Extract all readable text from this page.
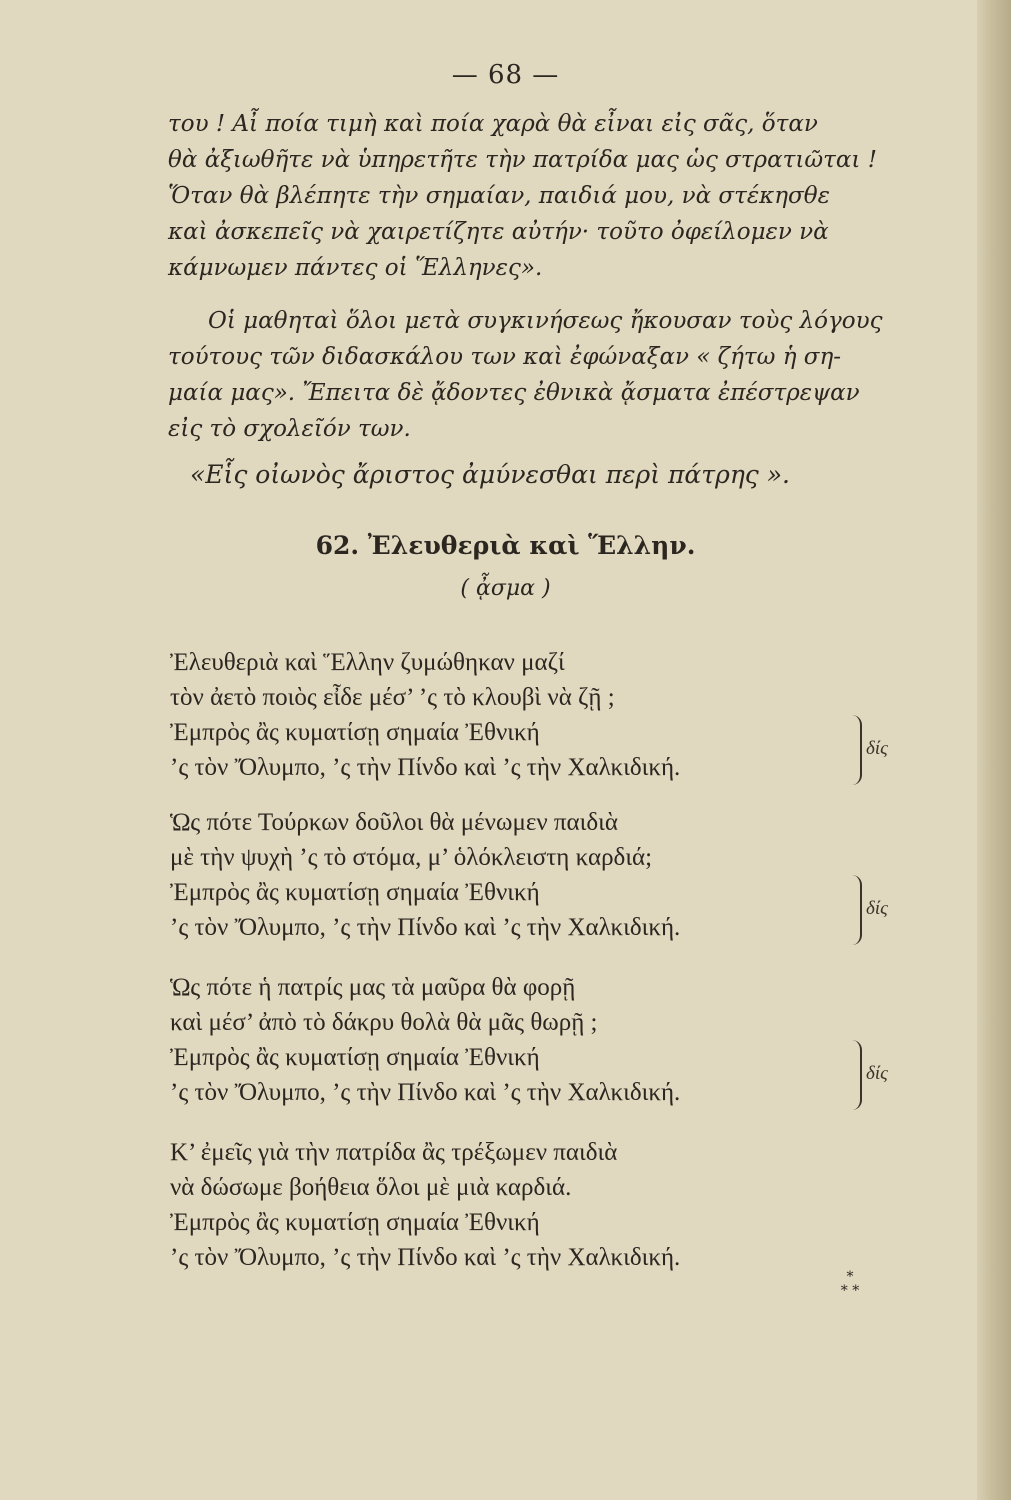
— 68 —
του ! Αἶ ποία τιμὴ καὶ ποία χαρὰ θὰ εἶναι εἰς σᾶς, ὅταν
θὰ ἀξιωθῆτε νὰ ὑπηρετῆτε τὴν πατρίδα μας ὡς στρατιῶται !
Ὅταν θὰ βλέπητε τὴν σημαίαν, παιδιά μου, νὰ στέκησθε
καὶ ἀσκεπεῖς νὰ χαιρετίζητε αὐτήν· τοῦτο ὀφείλομεν νὰ
κάμνωμεν πάντες οἱ Ἕλληνες».
Οἱ μαθηταὶ ὅλοι μετὰ συγκινήσεως ἤκουσαν τοὺς λόγους
τούτους τῶν διδασκάλου των καὶ ἐφώναξαν « ζήτω ἡ ση-
μαία μας». Ἔπειτα δὲ ᾄδοντες ἐθνικὰ ᾄσματα ἐπέστρεψαν
εἰς τὸ σχολεῖόν των.
«Εἷς οἰωνὸς ἄριστος ἀμύνεσθαι περὶ πάτρης ».
62. Ἐλευθεριὰ καὶ Ἕλλην.
( ᾆσμα )
Ἐλευθεριὰ καὶ Ἕλλην ζυμώθηκαν μαζί
τὸν ἀετὸ ποιὸς εἶδε μέσ’ ’ς τὸ κλουβὶ νὰ ζῇ ;
Ἐμπρὸς ἂς κυματίσῃ σημαία Ἐθνική
’ς τὸν Ὄλυμπο, ’ς τὴν Πίνδο καὶ ’ς τὴν Χαλκιδική.
δίς
Ὡς πότε Τούρκων δοῦλοι θὰ μένωμεν παιδιὰ
μὲ τὴν ψυχὴ ’ς τὸ στόμα, μ’ ὁλόκλειστη καρδιά;
Ἐμπρὸς ἂς κυματίσῃ σημαία Ἐθνική
’ς τὸν Ὄλυμπο, ’ς τὴν Πίνδο καὶ ’ς τὴν Χαλκιδική.
δίς
Ὡς πότε ἡ πατρίς μας τὰ μαῦρα θὰ φορῇ
καὶ μέσ’ ἀπὸ τὸ δάκρυ θολὰ θὰ μᾶς θωρῇ ;
Ἐμπρὸς ἂς κυματίσῃ σημαία Ἐθνική
’ς τὸν Ὄλυμπο, ’ς τὴν Πίνδο καὶ ’ς τὴν Χαλκιδική.
δίς
Κ’ ἐμεῖς γιὰ τὴν πατρίδα ἂς τρέξωμεν παιδιὰ
νὰ δώσωμε βοήθεια ὅλοι μὲ μιὰ καρδιά.
Ἐμπρὸς ἂς κυματίσῃ σημαία Ἐθνική
’ς τὸν Ὄλυμπο, ’ς τὴν Πίνδο καὶ ’ς τὴν Χαλκιδική.
*
* *
